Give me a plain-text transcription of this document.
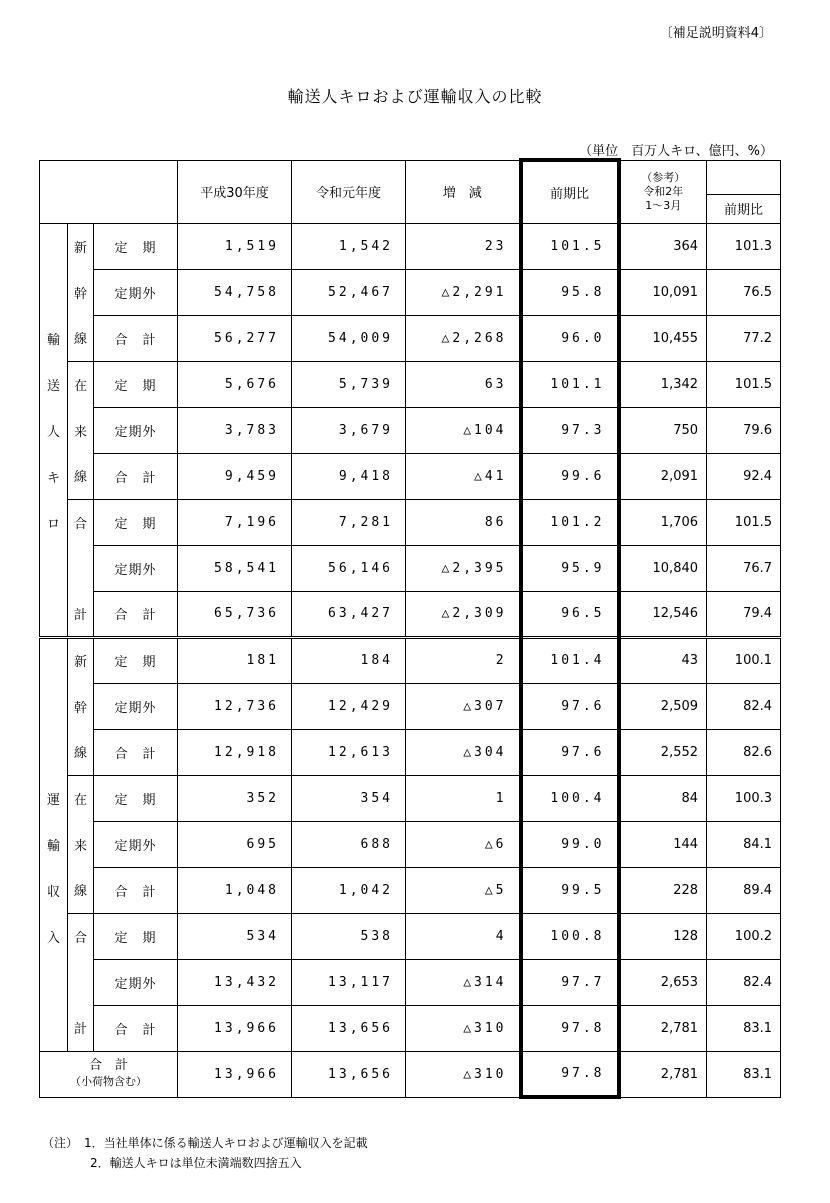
〔補足説明資料4〕
輸送人キロおよび運輸収入の比較
（単位　百万人キロ、億円、%）
			平成30年度	令和元年度	増　減	前期比	（参考）
令和2年
1～3月	

								前期比
	新	定　期	1,519	1,542	23	101.5	364	101.3
	幹	定期外	54,758	52,467	△2,291	95.8	10,091	76.5
輸	線	合　計	56,277	54,009	△2,268	96.0	10,455	77.2
送	在	定　期	5,676	5,739	63	101.1	1,342	101.5
人	来	定期外	3,783	3,679	△104	97.3	750	79.6
キ	線	合　計	9,459	9,418	△41	99.6	2,091	92.4
ロ	合	定　期	7,196	7,281	86	101.2	1,706	101.5
		定期外	58,541	56,146	△2,395	95.9	10,840	76.7
	計	合　計	65,736	63,427	△2,309	96.5	12,546	79.4
	新	定　期	181	184	2	101.4	43	100.1
	幹	定期外	12,736	12,429	△307	97.6	2,509	82.4
	線	合　計	12,918	12,613	△304	97.6	2,552	82.6
運	在	定　期	352	354	1	100.4	84	100.3
輸	来	定期外	695	688	△6	99.0	144	84.1
収	線	合　計	1,048	1,042	△5	99.5	228	89.4
入	合	定　期	534	538	4	100.8	128	100.2
		定期外	13,432	13,117	△314	97.7	2,653	82.4
	計	合　計	13,966	13,656	△310	97.8	2,781	83.1

合　計
（小荷物含む）			13,966	13,656	△310	97.8	2,781	83.1
（注）　1．当社単体に係る輸送人キロおよび運輸収入を記載
　　　　2．輸送人キロは単位未満端数四捨五入
